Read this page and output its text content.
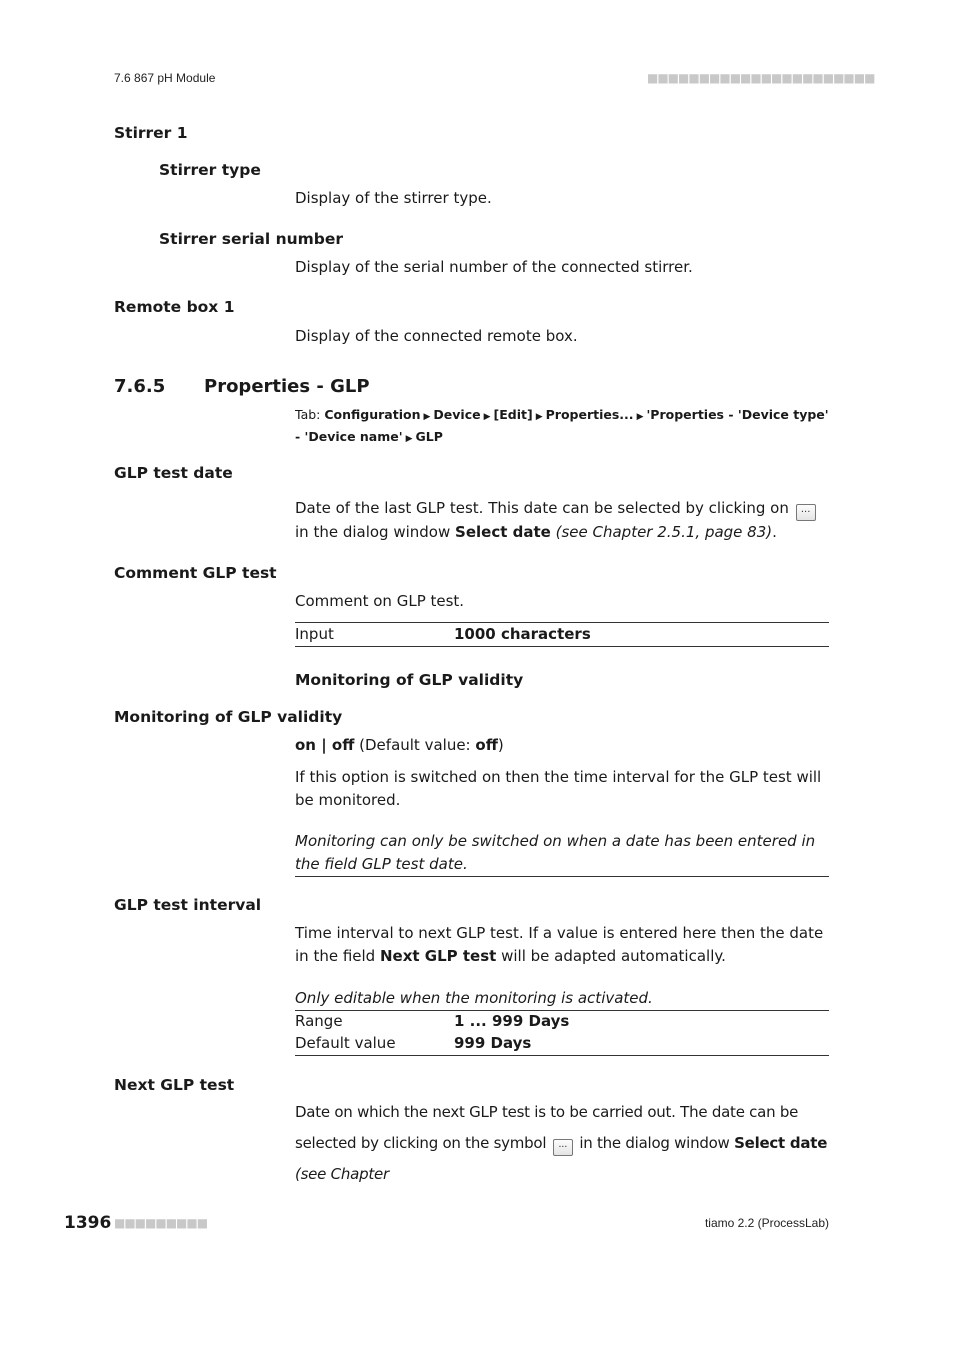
7.6 867 pH Module	■■■■■■■■■■■■■■■■■■■■■■
Stirrer 1
Stirrer type
Display of the stirrer type.
Stirrer serial number
Display of the serial number of the connected stirrer.
Remote box 1
Display of the connected remote box.
7.6.5 Properties - GLP
Tab: Configuration ▶ Device ▶ [Edit] ▶ Properties... ▶ 'Properties - 'Device type' - 'Device name' ▶ GLP
GLP test date
Date of the last GLP test. This date can be selected by clicking on ... in the dialog window Select date (see Chapter 2.5.1, page 83).
Comment GLP test
Comment on GLP test.
Input	1000 characters
Monitoring of GLP validity
Monitoring of GLP validity
on | off (Default value: off)
If this option is switched on then the time interval for the GLP test will be monitored.
Monitoring can only be switched on when a date has been entered in the field GLP test date.
GLP test interval
Time interval to next GLP test. If a value is entered here then the date in the field Next GLP test will be adapted automatically.
Only editable when the monitoring is activated.
Range	1 ... 999 Days
Default value	999 Days
Next GLP test
Date on which the next GLP test is to be carried out. The date can be selected by clicking on the symbol ... in the dialog window Select date (see Chapter
1396 ■■■■■■■■■	tiamo 2.2 (ProcessLab)
